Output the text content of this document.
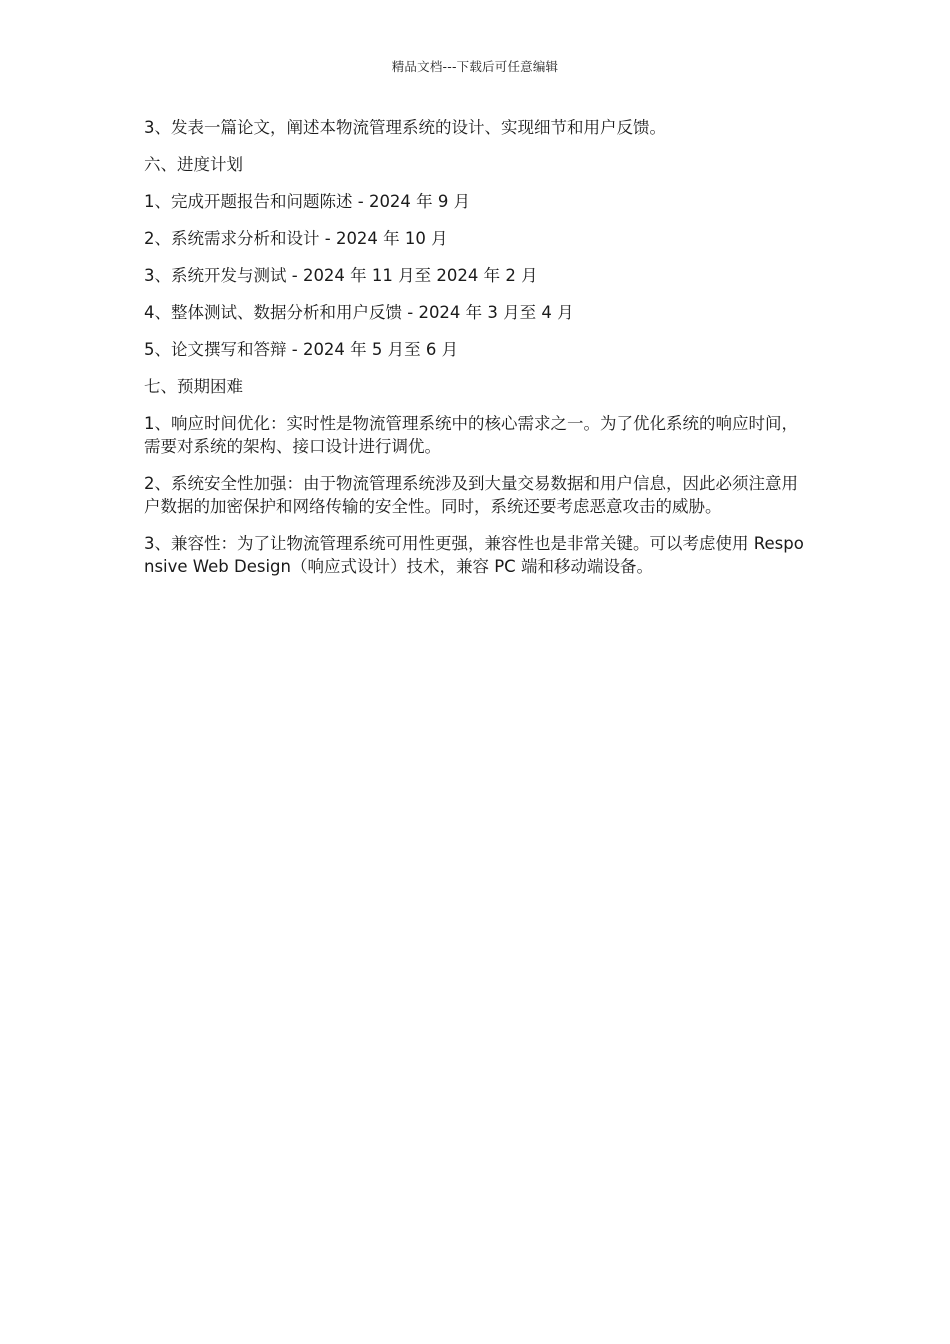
精品文档---下载后可任意编辑

3、发表一篇论文，阐述本物流管理系统的设计、实现细节和用户反馈。

六、进度计划

1、完成开题报告和问题陈述 - 2024 年 9 月

2、系统需求分析和设计 - 2024 年 10 月

3、系统开发与测试 - 2024 年 11 月至 2024 年 2 月

4、整体测试、数据分析和用户反馈 - 2024 年 3 月至 4 月

5、论文撰写和答辩 - 2024 年 5 月至 6 月

七、预期困难

1、响应时间优化：实时性是物流管理系统中的核心需求之一。为了优化系统的响应时间，需要对系统的架构、接口设计进行调优。

2、系统安全性加强：由于物流管理系统涉及到大量交易数据和用户信息，因此必须注意用户数据的加密保护和网络传输的安全性。同时，系统还要考虑恶意攻击的威胁。

3、兼容性：为了让物流管理系统可用性更强，兼容性也是非常关键。可以考虑使用 Responsive Web Design（响应式设计）技术，兼容 PC 端和移动端设备。
